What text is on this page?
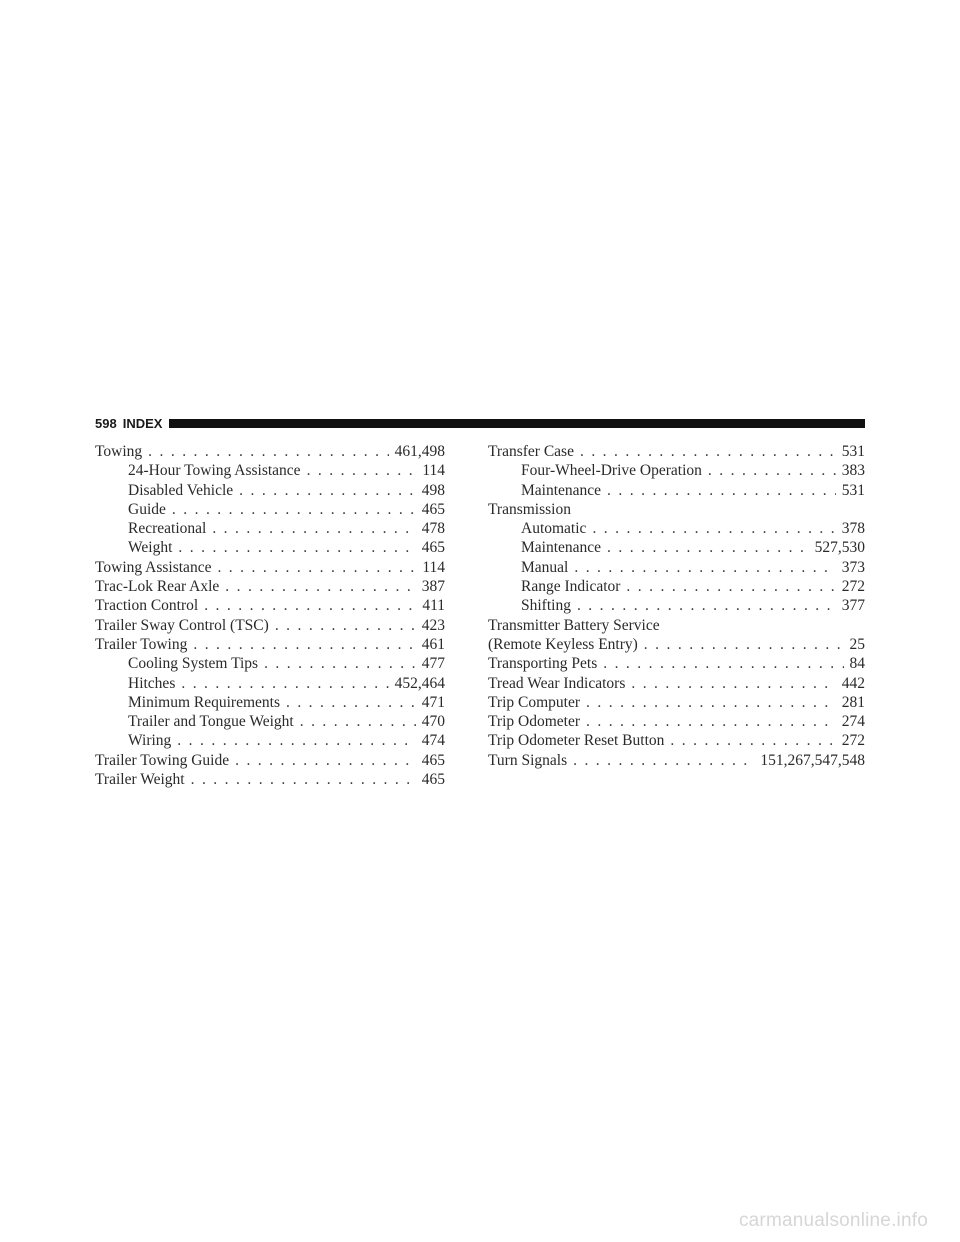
598 INDEX
Towing . . .	461,498
24-Hour Towing Assistance . . .	114
Disabled Vehicle . . .	498
Guide . . .	465
Recreational . . .	478
Weight . . .	465
Towing Assistance . . .	114
Trac-Lok Rear Axle . . .	387
Traction Control . . .	411
Trailer Sway Control (TSC) . . .	423
Trailer Towing . . .	461
Cooling System Tips . . .	477
Hitches . . .	452,464
Minimum Requirements . . .	471
Trailer and Tongue Weight . . .	470
Wiring . . .	474
Trailer Towing Guide . . .	465
Trailer Weight . . .	465
Transfer Case . . .	531
Four-Wheel-Drive Operation . . .	383
Maintenance . . .	531
Transmission
Automatic . . .	378
Maintenance . . .	527,530
Manual . . .	373
Range Indicator . . .	272
Shifting . . .	377
Transmitter Battery Service
(Remote Keyless Entry) . . .	25
Transporting Pets . . .	84
Tread Wear Indicators . . .	442
Trip Computer . . .	281
Trip Odometer . . .	274
Trip Odometer Reset Button . . .	272
Turn Signals . . .	151,267,547,548
carmanualsonline.info
